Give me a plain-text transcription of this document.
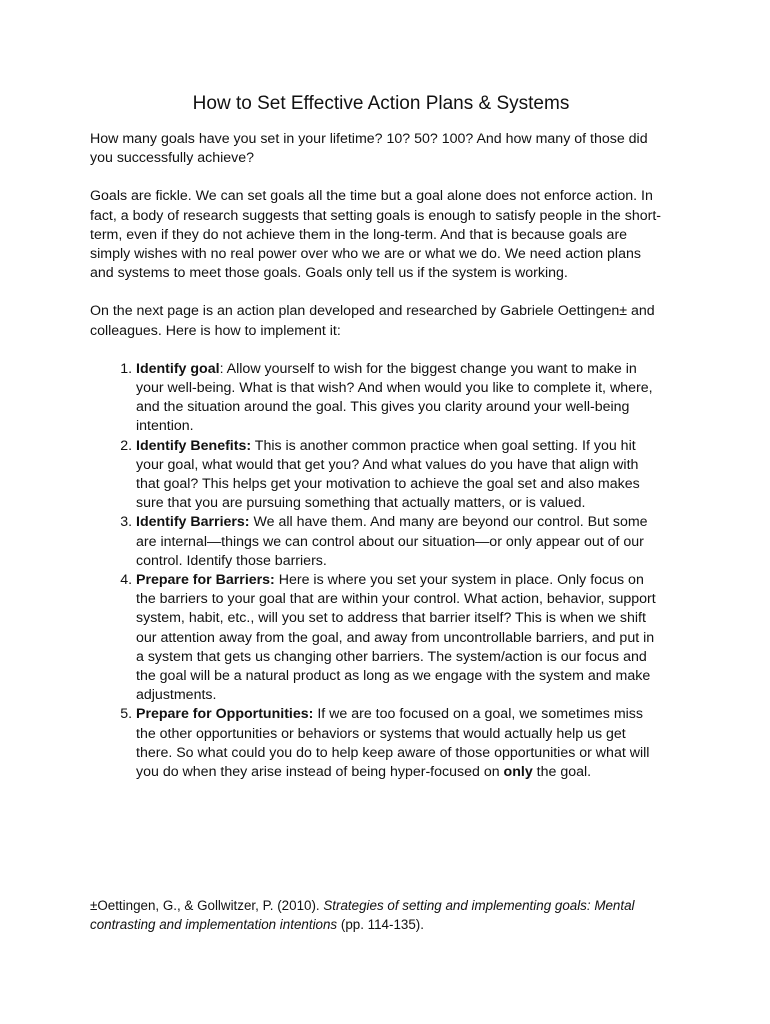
How to Set Effective Action Plans & Systems

How many goals have you set in your lifetime? 10? 50? 100? And how many of those did you successfully achieve?

Goals are fickle. We can set goals all the time but a goal alone does not enforce action. In fact, a body of research suggests that setting goals is enough to satisfy people in the short-term, even if they do not achieve them in the long-term. And that is because goals are simply wishes with no real power over who we are or what we do. We need action plans and systems to meet those goals. Goals only tell us if the system is working.

On the next page is an action plan developed and researched by Gabriele Oettingen± and colleagues. Here is how to implement it:

1. Identify goal: Allow yourself to wish for the biggest change you want to make in your well-being. What is that wish? And when would you like to complete it, where, and the situation around the goal. This gives you clarity around your well-being intention.
2. Identify Benefits: This is another common practice when goal setting. If you hit your goal, what would that get you? And what values do you have that align with that goal? This helps get your motivation to achieve the goal set and also makes sure that you are pursuing something that actually matters, or is valued.
3. Identify Barriers: We all have them. And many are beyond our control. But some are internal—things we can control about our situation—or only appear out of our control. Identify those barriers.
4. Prepare for Barriers: Here is where you set your system in place. Only focus on the barriers to your goal that are within your control. What action, behavior, support system, habit, etc., will you set to address that barrier itself? This is when we shift our attention away from the goal, and away from uncontrollable barriers, and put in a system that gets us changing other barriers. The system/action is our focus and the goal will be a natural product as long as we engage with the system and make adjustments.
5. Prepare for Opportunities: If we are too focused on a goal, we sometimes miss the other opportunities or behaviors or systems that would actually help us get there. So what could you do to help keep aware of those opportunities or what will you do when they arise instead of being hyper-focused on only the goal.

±Oettingen, G., & Gollwitzer, P. (2010). Strategies of setting and implementing goals: Mental contrasting and implementation intentions (pp. 114-135).
